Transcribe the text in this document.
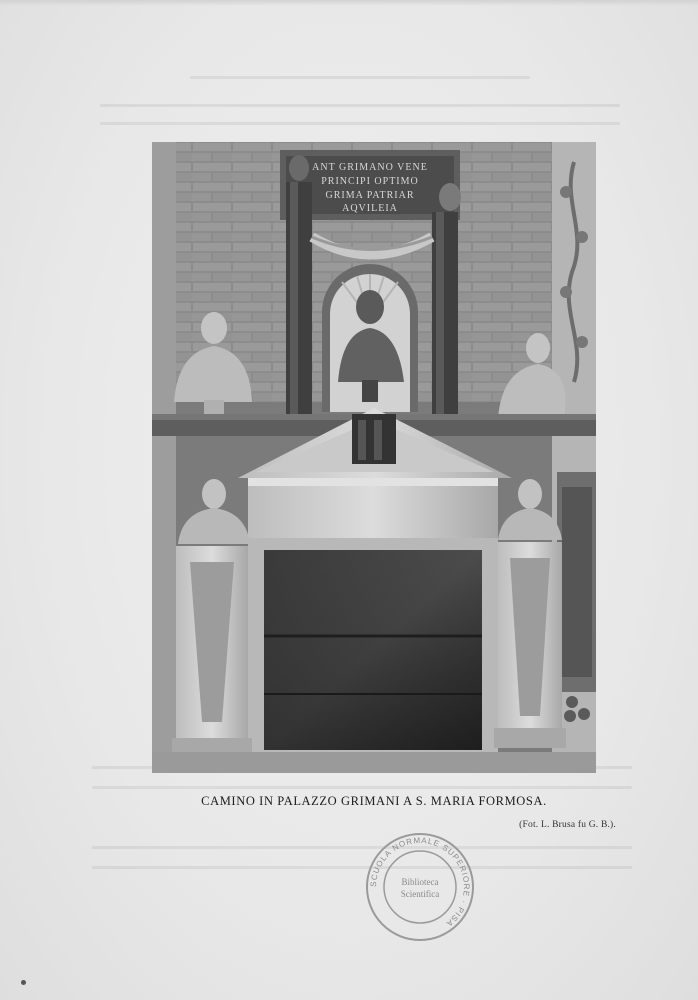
ANT GRIMANO VENE
PRINCIPI OPTIMO
GRIMA PATRIAR
AQVILEIA
CAMINO IN PALAZZO GRIMANI A S. MARIA FORMOSA.
(Fot. L. Brusa fu G. B.).
SCUOLA NORMALE SUPERIORE · PISA
Biblioteca
Scientifica
